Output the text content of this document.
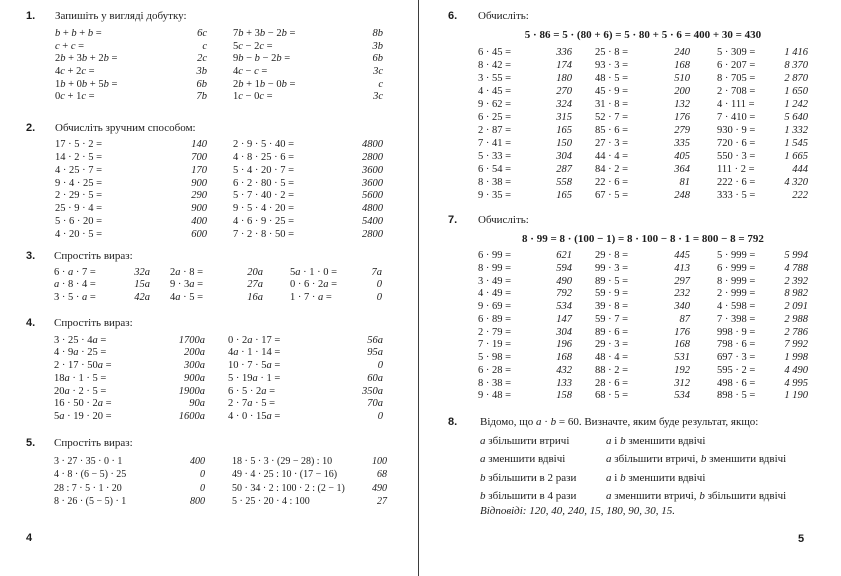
4
1. Запишіть у вигляді добутку:
b + b + b =	6c
c + c =	c
2b + 3b + 2b =	2c
4c + 2c =	3b
1b + 0b + 5b =	6b
0c + 1c =	7b
7b + 3b − 2b =	8b
5c − 2c =	3b
9b − b − 2b =	6b
4c − c =	3c
2b + 1b − 0b =	c
1c − 0c =	3c
2. Обчисліть зручним способом:
17 · 5 · 2 =	140
14 · 2 · 5 =	700
4 · 25 · 7 =	170
9 · 4 · 25 =	900
2 · 29 · 5 =	290
25 · 9 · 4 =	900
5 · 6 · 20 =	400
4 · 20 · 5 =	600
2 · 9 · 5 · 40 =	4800
4 · 8 · 25 · 6 =	2800
5 · 4 · 20 · 7 =	3600
6 · 2 · 80 · 5 =	3600
5 · 7 · 40 · 2 =	5600
9 · 5 · 4 · 20 =	4800
4 · 6 · 9 · 25 =	5400
7 · 2 · 8 · 50 =	2800
3. Спростіть вираз:
6 · a · 7 =	32a
a · 8 · 4 =	15a
3 · 5 · a =	42a
2a · 8 =	20a
9 · 3a =	27a
4a · 5 =	16a
5a · 1 · 0 =	7a
0 · 6 · 2a =	0
1 · 7 · a =	0
4. Спростіть вираз:
3 · 25 · 4a =	1700a
4 · 9a · 25 =	200a
2 · 17 · 50a =	300a
18a · 1 · 5 =	900a
20a · 2 · 5 =	1900a
16 · 50 · 2a =	90a
5a · 19 · 20 =	1600a
0 · 2a · 17 =	56a
4a · 1 · 14 =	95a
10 · 7 · 5a =	0
5 · 19a · 1 =	60a
6 · 5 · 2a =	350a
2 · 7a · 5 =	70a
4 · 0 · 15a =	0
5. Спростіть вираз:
3 · 27 · 35 · 0 · 1	400
4 · 8 · (6 − 5) · 25	0
28 : 7 · 5 · 1 · 20	0
8 · 26 · (5 − 5) · 1	800
18 · 5 · 3 · (29 − 28) : 10	100
49 · 4 · 25 : 10 · (17 − 16)	68
50 · 34 · 2 : 100 · 2 : (2 − 1)	490
5 · 25 · 20 · 4 : 100	27
5
6. Обчисліть:
5 · 86 = 5 · (80 + 6) = 5 · 80 + 5 · 6 = 400 + 30 = 430
6 · 45 =	336
8 · 42 =	174
3 · 55 =	180
4 · 45 =	270
9 · 62 =	324
6 · 25 =	315
2 · 87 =	165
7 · 41 =	150
5 · 33 =	304
6 · 54 =	287
8 · 38 =	558
9 · 35 =	165
25 · 8 =	240
93 · 3 =	168
48 · 5 =	510
45 · 9 =	200
31 · 8 =	132
52 · 7 =	176
85 · 6 =	279
27 · 3 =	335
44 · 4 =	405
84 · 2 =	364
22 · 6 =	81
67 · 5 =	248
5 · 309 =	1 416
6 · 207 =	8 370
8 · 705 =	2 870
2 · 708 =	1 650
4 · 111 =	1 242
7 · 410 =	5 640
930 · 9 =	1 332
720 · 6 =	1 545
550 · 3 =	1 665
111 · 2 =	444
222 · 6 =	4 320
333 · 5 =	222
7. Обчисліть:
8 · 99 = 8 · (100 − 1) = 8 · 100 − 8 · 1 = 800 − 8 = 792
6 · 99 =	621
8 · 99 =	594
3 · 49 =	490
4 · 49 =	792
9 · 69 =	534
6 · 89 =	147
2 · 79 =	304
7 · 19 =	196
5 · 98 =	168
6 · 28 =	432
8 · 38 =	133
9 · 48 =	158
29 · 8 =	445
99 · 3 =	413
89 · 5 =	297
59 · 9 =	232
39 · 8 =	340
59 · 7 =	87
89 · 6 =	176
29 · 3 =	168
48 · 4 =	531
88 · 2 =	192
28 · 6 =	312
68 · 5 =	534
5 · 999 =	5 994
6 · 999 =	4 788
8 · 999 =	2 392
2 · 999 =	8 982
4 · 598 =	2 091
7 · 398 =	2 988
998 · 9 =	2 786
798 · 6 =	7 992
697 · 3 =	1 998
595 · 2 =	4 490
498 · 6 =	4 995
898 · 5 =	1 190
8. Відомо, що a · b = 60. Визначте, яким буде результат, якщо:
a збільшити втричі	a і b зменшити вдвічі
a зменшити вдвічі	a збільшити втричі, b зменшити вдвічі
b збільшити в 2 рази	a і b зменшити вдвічі
b збільшити в 4 рази	a зменшити втричі, b збільшити вдвічі
Відповіді: 120, 40, 240, 15, 180, 90, 30, 15.
